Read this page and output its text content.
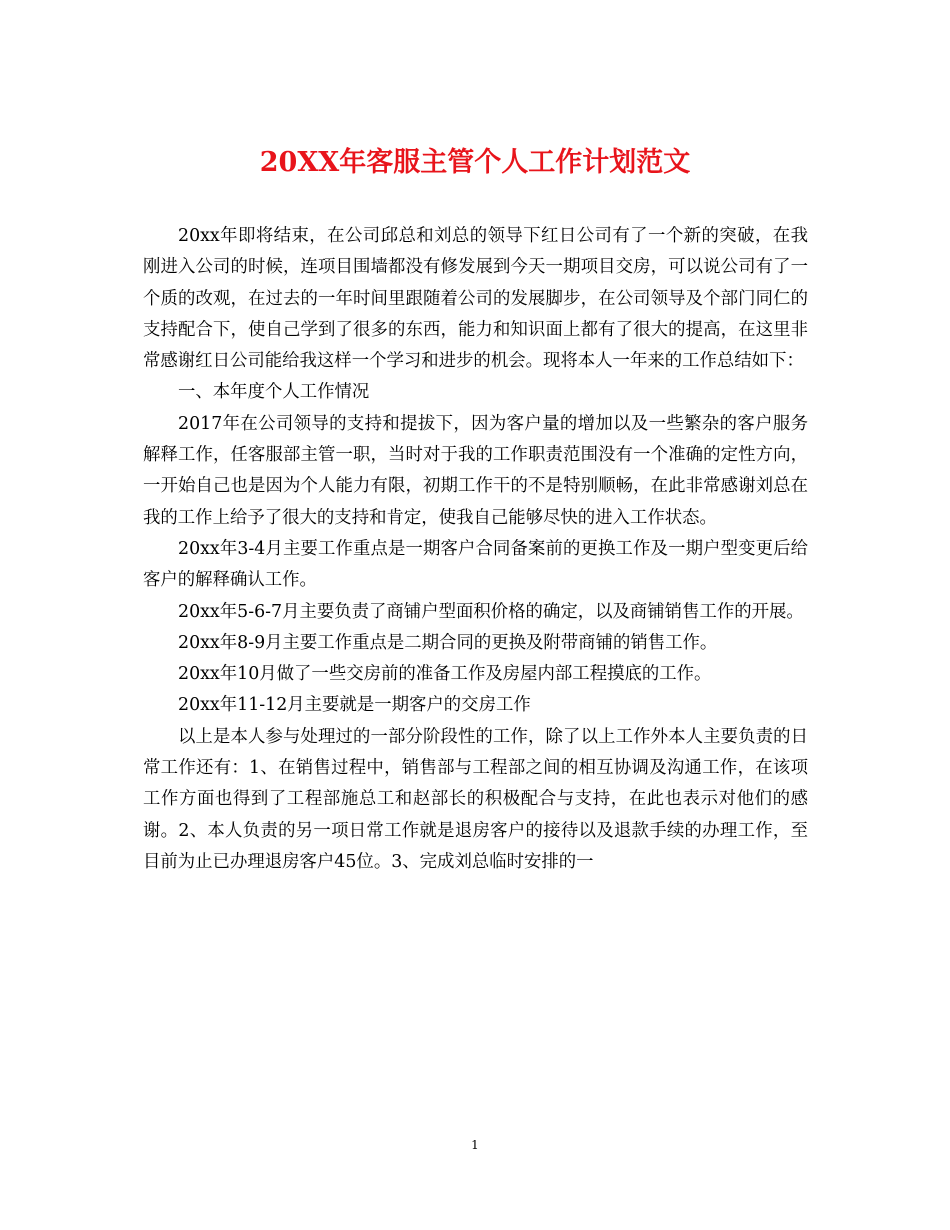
20XX年客服主管个人工作计划范文

20xx年即将结束，在公司邱总和刘总的领导下红日公司有了一个新的突破，在我刚进入公司的时候，连项目围墙都没有修发展到今天一期项目交房，可以说公司有了一个质的改观，在过去的一年时间里跟随着公司的发展脚步，在公司领导及个部门同仁的支持配合下，使自己学到了很多的东西，能力和知识面上都有了很大的提高，在这里非常感谢红日公司能给我这样一个学习和进步的机会。现将本人一年来的工作总结如下：

一、本年度个人工作情况

2017年在公司领导的支持和提拔下，因为客户量的增加以及一些繁杂的客户服务解释工作，任客服部主管一职，当时对于我的工作职责范围没有一个准确的定性方向，一开始自己也是因为个人能力有限，初期工作干的不是特别顺畅，在此非常感谢刘总在我的工作上给予了很大的支持和肯定，使我自己能够尽快的进入工作状态。

20xx年3-4月主要工作重点是一期客户合同备案前的更换工作及一期户型变更后给客户的解释确认工作。

20xx年5-6-7月主要负责了商铺户型面积价格的确定，以及商铺销售工作的开展。

20xx年8-9月主要工作重点是二期合同的更换及附带商铺的销售工作。

20xx年10月做了一些交房前的准备工作及房屋内部工程摸底的工作。

20xx年11-12月主要就是一期客户的交房工作

以上是本人参与处理过的一部分阶段性的工作，除了以上工作外本人主要负责的日常工作还有：1、在销售过程中，销售部与工程部之间的相互协调及沟通工作，在该项工作方面也得到了工程部施总工和赵部长的积极配合与支持，在此也表示对他们的感谢。2、本人负责的另一项日常工作就是退房客户的接待以及退款手续的办理工作，至目前为止已办理退房客户45位。3、完成刘总临时安排的一

1
